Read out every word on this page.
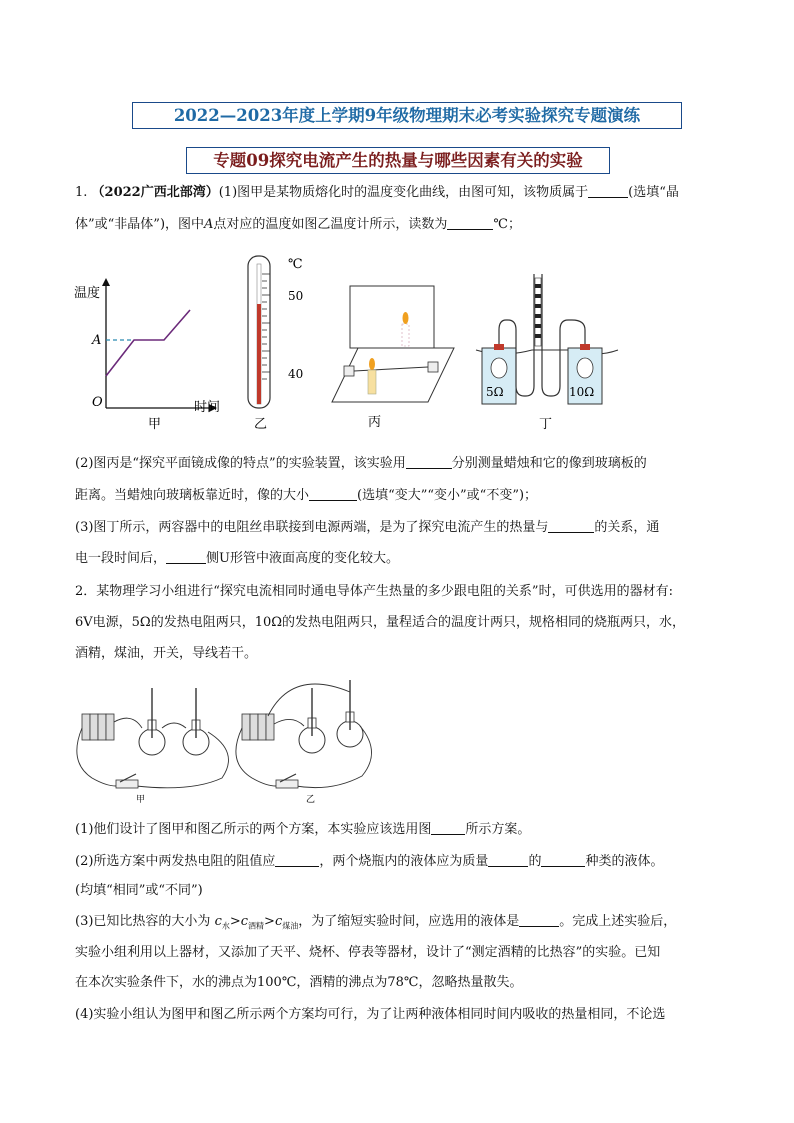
2022—2023年度上学期9年级物理期末必考实验探究专题演练
专题09探究电流产生的热量与哪些因素有关的实验
1. （2022广西北部湾）(1)图甲是某物质熔化时的温度变化曲线，由图可知，该物质属于	(选填“晶
体”或“非晶体”)，图中A点对应的温度如图乙温度计所示，读数为	℃；
温度
A
O	时间
甲
℃
50
40
乙	丙
5Ω	10Ω
丁
(2)图丙是“探究平面镜成像的特点”的实验装置，该实验用	分别测量蜡烛和它的像到玻璃板的
距离。当蜡烛向玻璃板靠近时，像的大小	(选填“变大”“变小”或“不变”)；
(3)图丁所示，两容器中的电阻丝串联接到电源两端，是为了探究电流产生的热量与	的关系，通
电一段时间后，	侧U形管中液面高度的变化较大。
2．某物理学习小组进行“探究电流相同时通电导体产生热量的多少跟电阻的关系”时，可供选用的器材有:
6V电源，5Ω的发热电阻两只，10Ω的发热电阻两只，量程适合的温度计两只，规格相同的烧瓶两只，水，
酒精，煤油，开关，导线若干。
甲	乙
(1)他们设计了图甲和图乙所示的两个方案，本实验应该选用图	所示方案。
(2)所选方案中两发热电阻的阻值应	，两个烧瓶内的液体应为质量	的	种类的液体。
(均填“相同”或“不同”)
(3)已知比热容的大小为 $c_水>c_{酒精}>c_{煤油}$，为了缩短实验时间，应选用的液体是	。完成上述实验后，
实验小组利用以上器材，又添加了天平、烧杯、停表等器材，设计了“测定酒精的比热容”的实验。已知
在本次实验条件下，水的沸点为100℃，酒精的沸点为78℃，忽略热量散失。
(4)实验小组认为图甲和图乙所示两个方案均可行，为了让两种液体相同时间内吸收的热量相同，不论选
